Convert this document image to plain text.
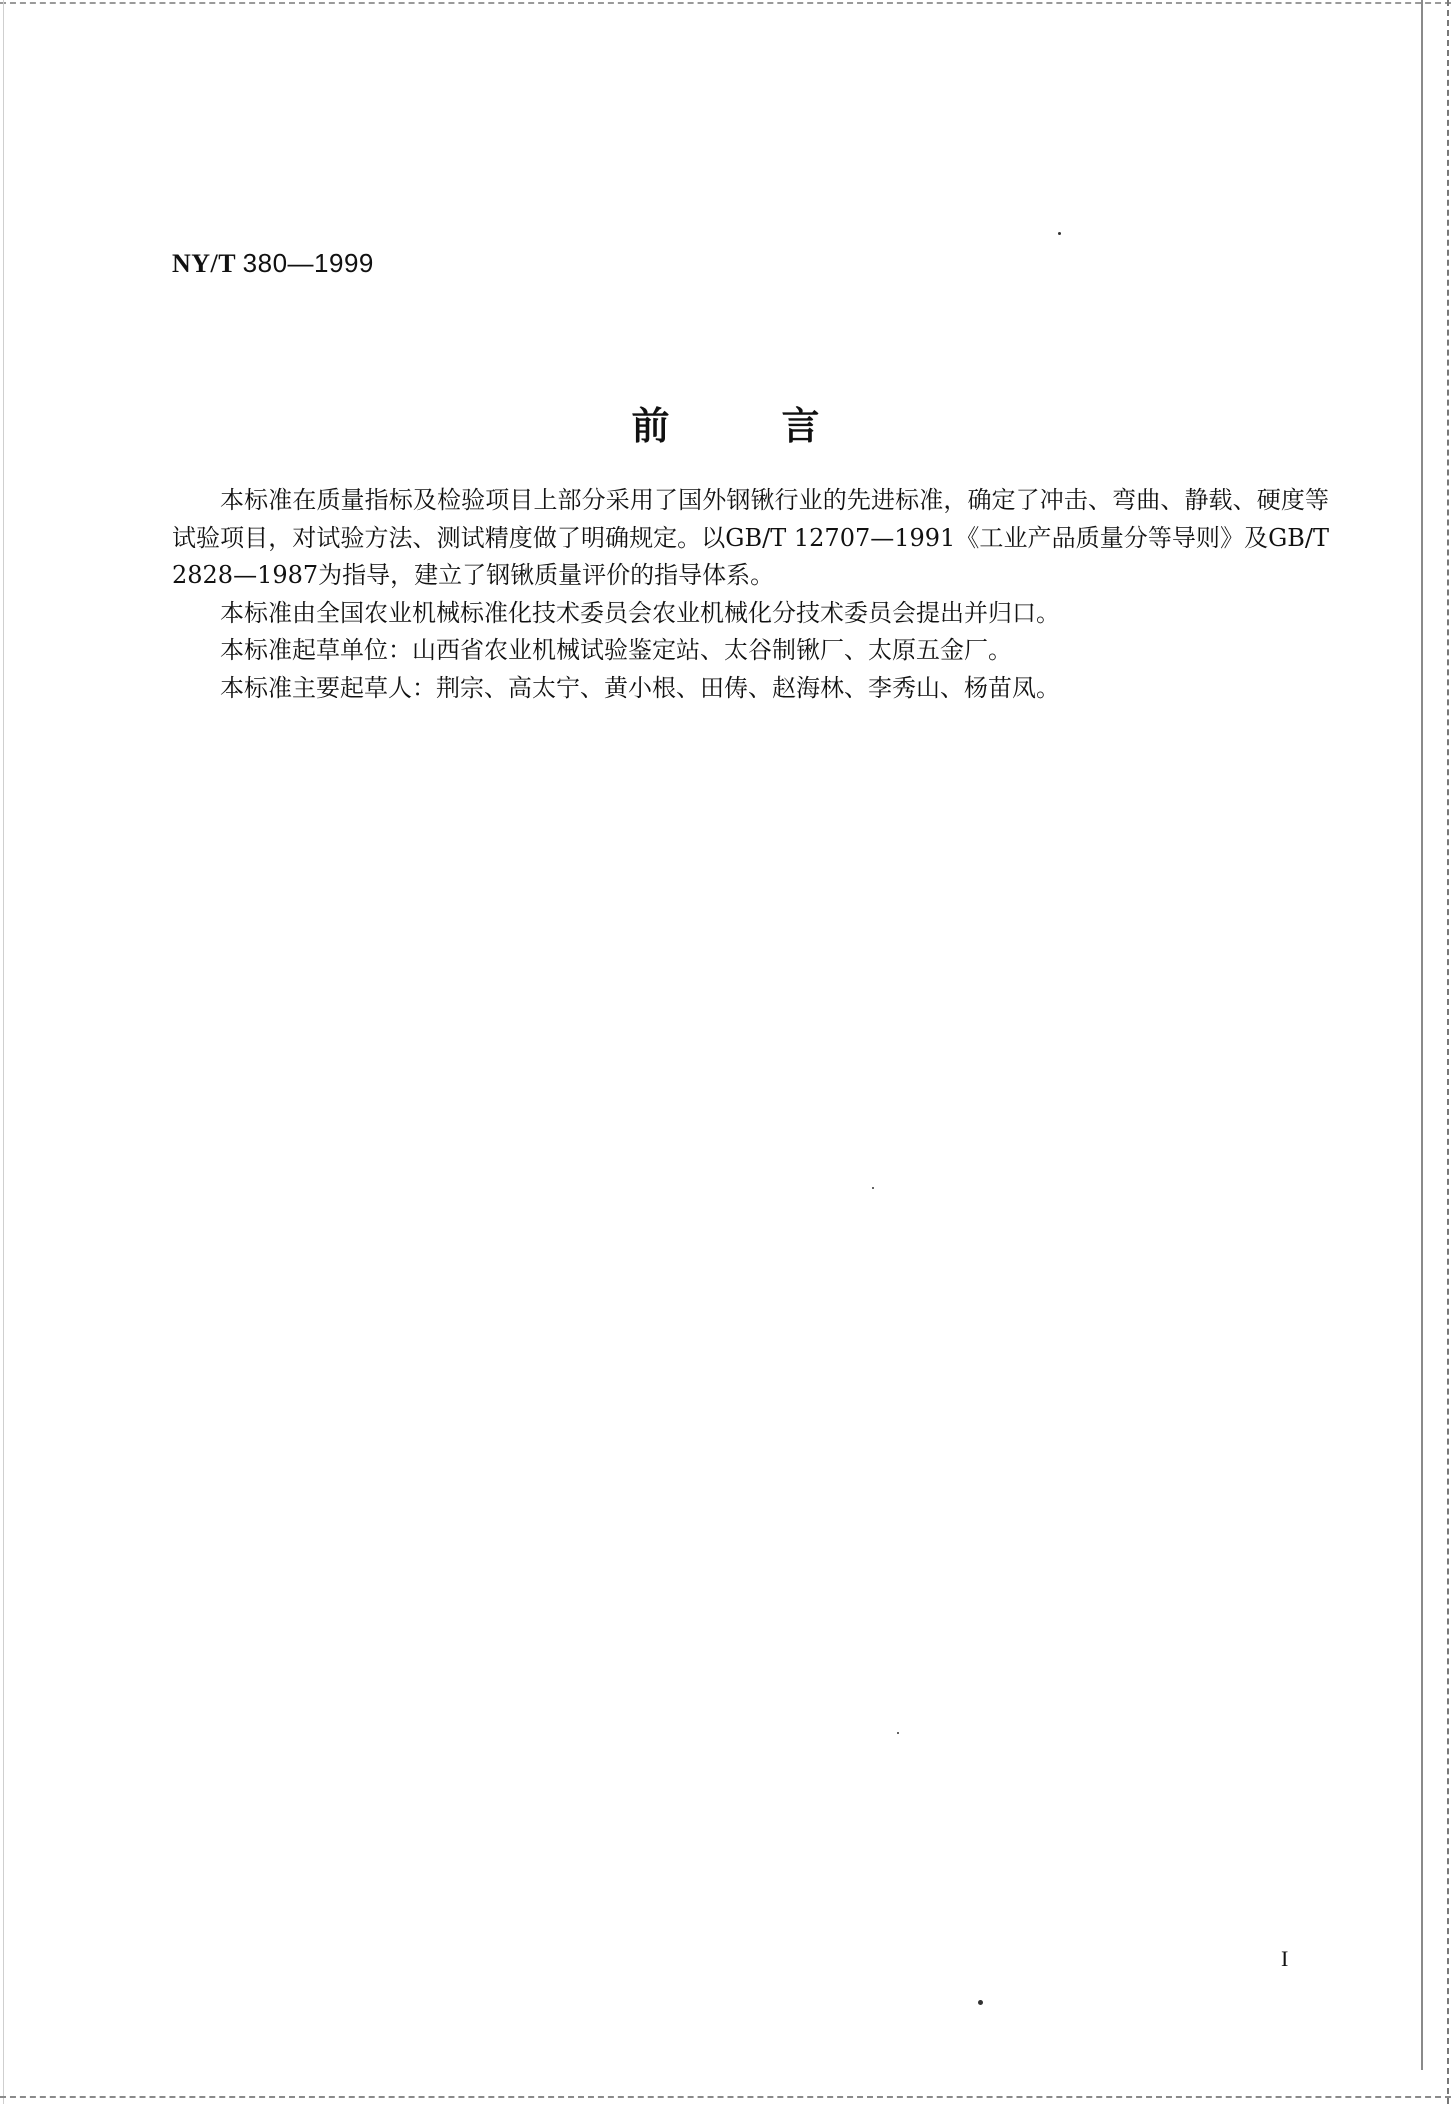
NY/T 380—1999
前	言

本标准在质量指标及检验项目上部分采用了国外钢锹行业的先进标准，确定了冲击、弯曲、静载、硬度等试验项目，对试验方法、测试精度做了明确规定。以GB/T 12707—1991《工业产品质量分等导则》及GB/T 2828—1987为指导，建立了钢锹质量评价的指导体系。

本标准由全国农业机械标准化技术委员会农业机械化分技术委员会提出并归口。

本标准起草单位：山西省农业机械试验鉴定站、太谷制锹厂、太原五金厂。

本标准主要起草人：荆宗、高太宁、黄小根、田俦、赵海林、李秀山、杨苗凤。

I
